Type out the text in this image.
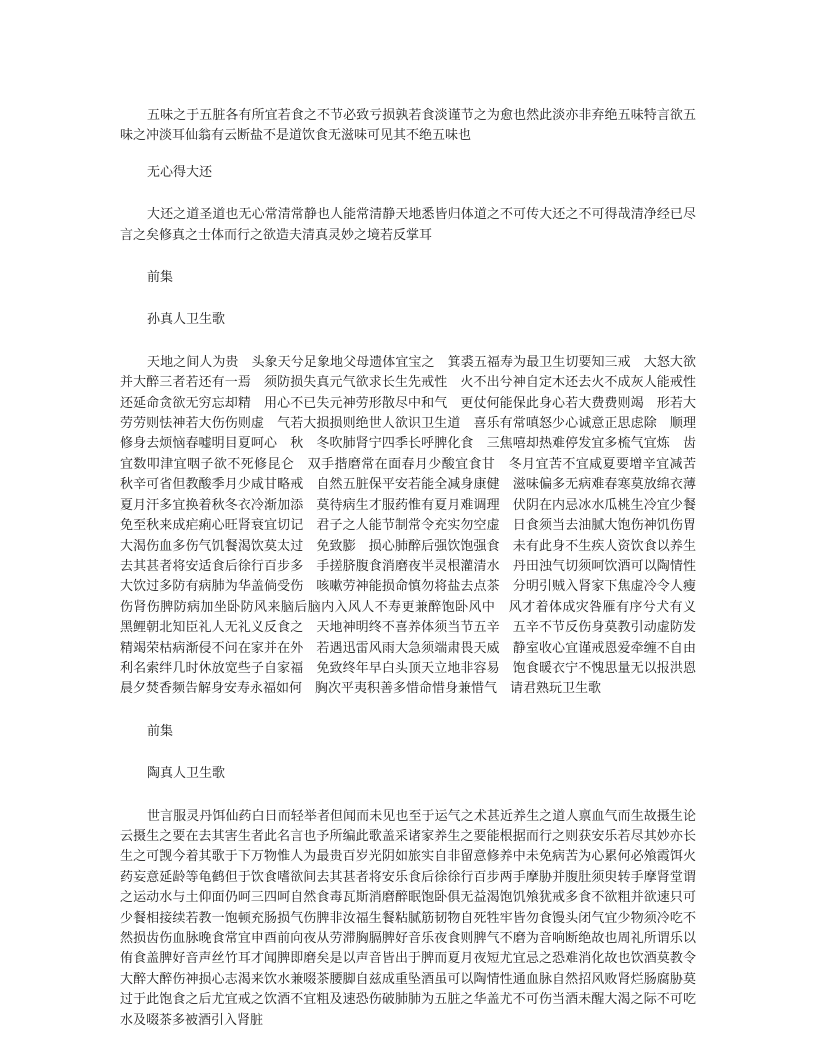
五味之于五脏各有所宜若食之不节必致亏损孰若食淡谨节之为愈也然此淡亦非弃绝五味特言欲五味之冲淡耳仙翁有云断盐不是道饮食无滋味可见其不绝五味也

无心得大还

大还之道圣道也无心常清常静也人能常清静天地悉皆归体道之不可传大还之不可得哉清净经已尽言之矣修真之士体而行之欲造夫清真灵妙之境若反掌耳

前集

孙真人卫生歌

天地之间人为贵　头象天兮足象地父母遗体宜宝之　箕裘五福寿为最卫生切要知三戒　大怒大欲并大醉三者若还有一焉　须防损失真元气欲求长生先戒性　火不出兮神自定木还去火不成灰人能戒性还延命贪欲无穷忘却精　用心不已失元神劳形散尽中和气　更仗何能保此身心若大费费则竭　形若大劳劳则怯神若大伤伤则虚　气若大损损则绝世人欲识卫生道　喜乐有常嗔怒少心诚意正思虑除　顺理修身去烦恼春嘘明目夏呵心　秋　冬吹肺肾宁四季长呼脾化食　三焦嘻却热难停发宜多梳气宜炼　齿宜数叩津宜咽子欲不死修昆仑　双手揩磨常在面春月少酸宜食甘　冬月宜苦不宜咸夏要增辛宜减苦　秋辛可省但教酸季月少咸甘略戒　自然五脏保平安若能全减身康健　滋味偏多无病难春寒莫放绵衣薄　夏月汗多宜换着秋冬衣冷渐加添　莫待病生才服药惟有夏月难调理　伏阴在内忌冰水瓜桃生冷宜少餐　免至秋来成疟痢心旺肾衰宜切记　君子之人能节制常令充实勿空虚　日食须当去油腻大饱伤神饥伤胃　大渴伤血多伤气饥餐渴饮莫太过　免致膨　损心肺醉后强饮饱强食　未有此身不生疾人资饮食以养生　去其甚者将安适食后徐行百步多　手搓脐腹食消磨夜半灵根灌清水　丹田浊气切须呵饮酒可以陶情性　大饮过多防有病肺为华盖倘受伤　咳嗽劳神能损命慎勿将盐去点茶　分明引贼入肾家下焦虚冷令人瘦　伤肾伤脾防病加坐卧防风来脑后脑内入风人不寿更兼醉饱卧风中　风才着体成灾咎雁有序兮犬有义　黑鲤朝北知臣礼人无礼义反食之　天地神明终不喜养体须当节五辛　五辛不节反伤身莫教引动虚防发　精竭荣枯病渐侵不问在家并在外　若遇迅雷风雨大急须端肃畏天威　静室收心宜谨戒恩爱牵缠不自由　利名索绊几时休放宽些子自家福　免致终年早白头顶天立地非容易　饱食暖衣宁不愧思量无以报洪恩　晨夕焚香频告解身安寿永福如何　胸次平夷积善多惜命惜身兼惜气　请君熟玩卫生歌

前集

陶真人卫生歌

世言服灵丹饵仙药白日而轻举者但闻而未见也至于运气之术甚近养生之道人禀血气而生故摄生论云摄生之要在去其害生者此名言也予所编此歌盖采诸家养生之要能根据而行之则获安乐若尽其妙亦长生之可觊今着其歌于下万物惟人为最贵百岁光阴如旅实自非留意修养中未免病苦为心累何必飧霞饵火药妄意延龄等龟鹤但于饮食嗜欲间去其甚者将安乐食后徐徐行百步两手摩胁并腹肚须臾转手摩肾堂谓之运动水与土仰面仍呵三四呵自然食毒瓦斯消磨醉眠饱卧俱无益渴饱饥飧犹戒多食不欲粗并欲速只可少餐相接续若教一饱顿充肠损气伤脾非汝福生餐粘腻筋韧物自死牲牢皆勿食馒头闭气宜少物须冷吃不然损齿伤血脉晚食常宜申酉前向夜从劳滞胸膈脾好音乐夜食则脾气不磨为音响断绝故也周礼所谓乐以侑食盖脾好音声丝竹耳才闻脾即磨矣是以声音皆出于脾而夏月夜短尤宜忌之恐难消化故也饮酒莫教令大醉大醉伤神损心志渴来饮水兼啜茶腰脚自兹成重坠酒虽可以陶情性通血脉自然招风败肾烂肠腐胁莫过于此饱食之后尤宜戒之饮酒不宜粗及速恐伤破肺肺为五脏之华盖尤不可伤当酒未醒大渴之际不可吃水及啜茶多被酒引入肾脏
